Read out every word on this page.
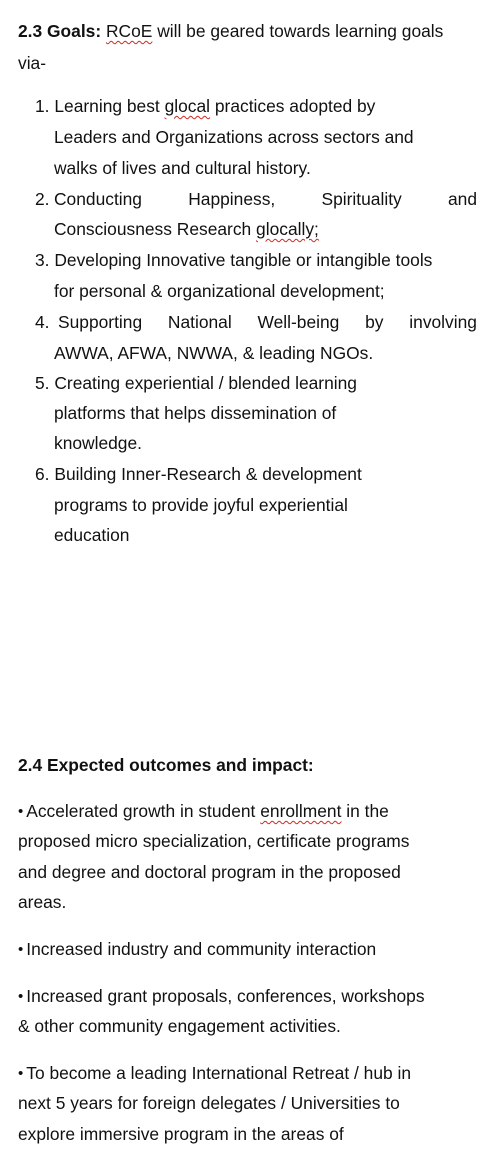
2.3 Goals: RCoE will be geared towards learning goals
via-
1. Learning best glocal practices adopted by
Leaders and Organizations across sectors and
walks of lives and cultural history.
2. Conducting	Happiness,	Spirituality	and
Consciousness Research glocally;
3. Developing Innovative tangible or intangible tools
for personal & organizational development;
4. Supporting National Well-being by involving
AWWA, AFWA, NWWA, & leading NGOs.
5. Creating experiential / blended learning
platforms that helps dissemination of
knowledge.
6. Building Inner-Research & development
programs to provide joyful experiential
education
2.4 Expected outcomes and impact:
• Accelerated growth in student enrollment in the
proposed micro specialization, certificate programs
and degree and doctoral program in the proposed
areas.
• Increased industry and community interaction
• Increased grant proposals, conferences, workshops
& other community engagement activities.
• To become a leading International Retreat / hub in
next 5 years for foreign delegates / Universities to
explore immersive program in the areas of
